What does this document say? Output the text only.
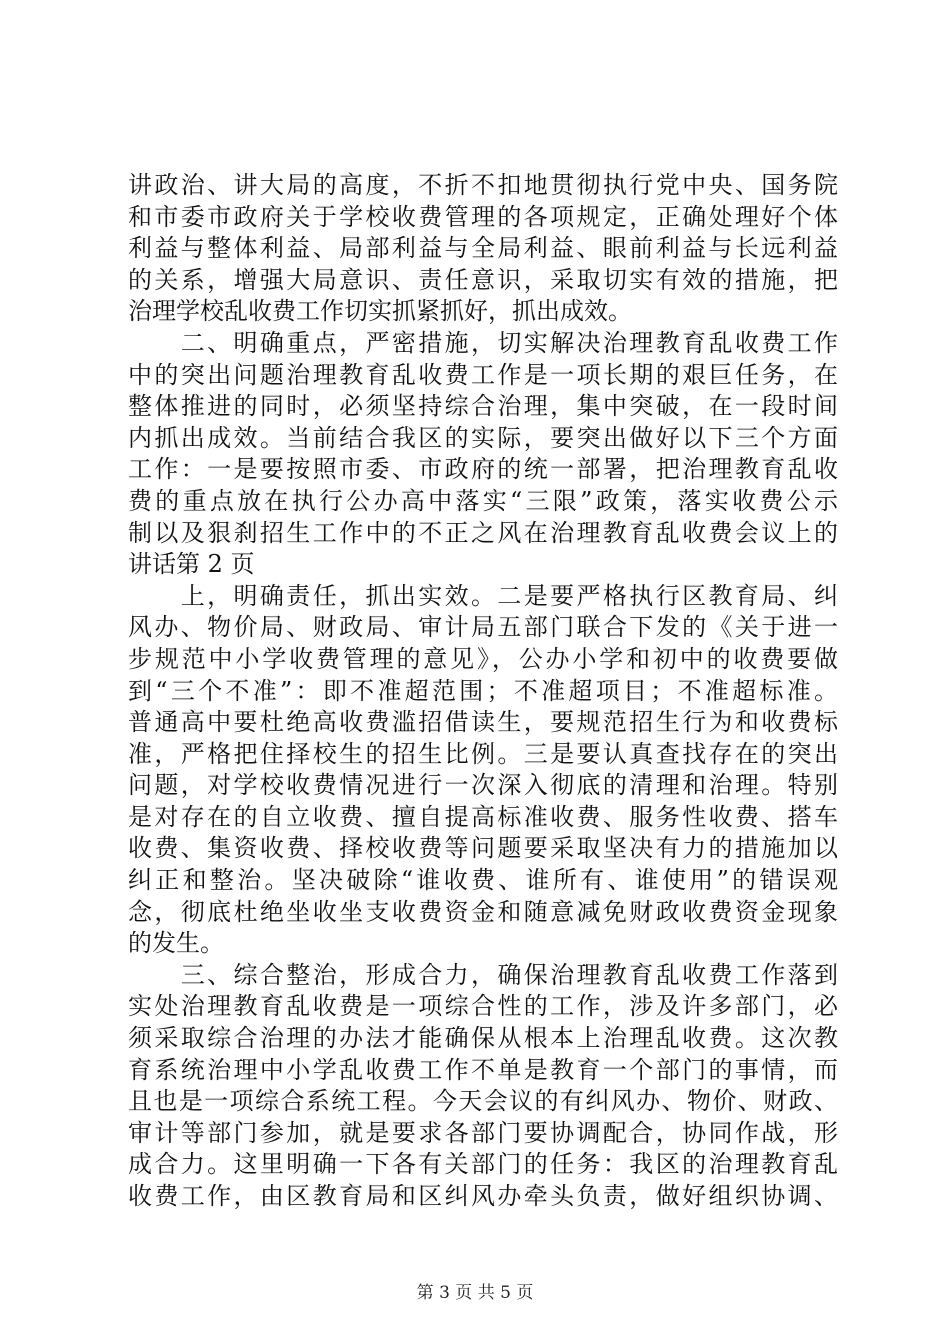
讲政治、讲大局的高度，不折不扣地贯彻执行党中央、国务院
和市委市政府关于学校收费管理的各项规定，正确处理好个体
利益与整体利益、局部利益与全局利益、眼前利益与长远利益
的关系，增强大局意识、责任意识，采取切实有效的措施，把
治理学校乱收费工作切实抓紧抓好，抓出成效。
　　二、明确重点，严密措施，切实解决治理教育乱收费工作
中的突出问题治理教育乱收费工作是一项长期的艰巨任务，在
整体推进的同时，必须坚持综合治理，集中突破，在一段时间
内抓出成效。当前结合我区的实际，要突出做好以下三个方面
工作：一是要按照市委、市政府的统一部署，把治理教育乱收
费的重点放在执行公办高中落实“三限”政策，落实收费公示
制以及狠刹招生工作中的不正之风在治理教育乱收费会议上的
讲话第 2 页
　　上，明确责任，抓出实效。二是要严格执行区教育局、纠
风办、物价局、财政局、审计局五部门联合下发的《关于进一
步规范中小学收费管理的意见》，公办小学和初中的收费要做
到“三个不准”：即不准超范围；不准超项目；不准超标准。
普通高中要杜绝高收费滥招借读生，要规范招生行为和收费标
准，严格把住择校生的招生比例。三是要认真查找存在的突出
问题，对学校收费情况进行一次深入彻底的清理和治理。特别
是对存在的自立收费、擅自提高标准收费、服务性收费、搭车
收费、集资收费、择校收费等问题要采取坚决有力的措施加以
纠正和整治。坚决破除“谁收费、谁所有、谁使用”的错误观
念，彻底杜绝坐收坐支收费资金和随意减免财政收费资金现象
的发生。
　　三、综合整治，形成合力，确保治理教育乱收费工作落到
实处治理教育乱收费是一项综合性的工作，涉及许多部门，必
须采取综合治理的办法才能确保从根本上治理乱收费。这次教
育系统治理中小学乱收费工作不单是教育一个部门的事情，而
且也是一项综合系统工程。今天会议的有纠风办、物价、财政、
审计等部门参加，就是要求各部门要协调配合，协同作战，形
成合力。这里明确一下各有关部门的任务：我区的治理教育乱
收费工作，由区教育局和区纠风办牵头负责，做好组织协调、
第 3 页 共 5 页
